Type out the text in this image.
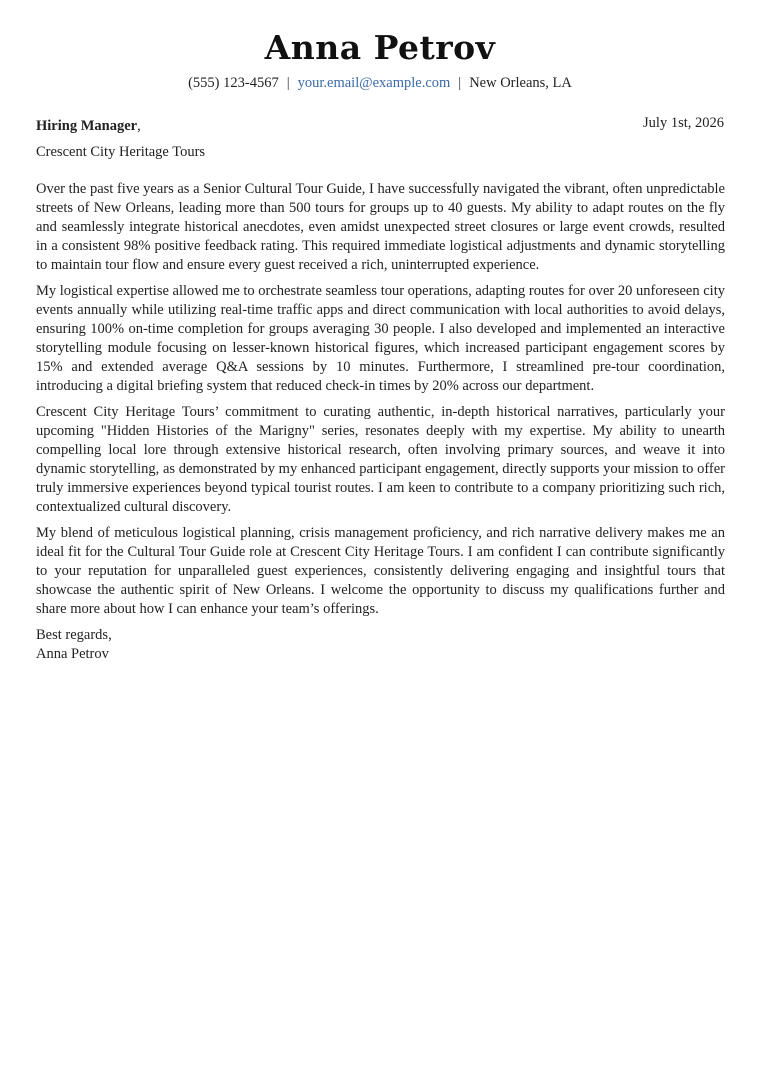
Anna Petrov
(555) 123-4567 | your.email@example.com | New Orleans, LA
Hiring Manager,
Crescent City Heritage Tours
July 1st, 2026

Over the past five years as a Senior Cultural Tour Guide, I have successfully navigated the vibrant, often unpredictable streets of New Orleans, leading more than 500 tours for groups up to 40 guests. My ability to adapt routes on the fly and seamlessly integrate historical anecdotes, even amidst unexpected street closures or large event crowds, resulted in a consistent 98% positive feedback rating. This required immediate logistical adjustments and dynamic storytelling to maintain tour flow and ensure every guest received a rich, uninterrupted experience.

My logistical expertise allowed me to orchestrate seamless tour operations, adapting routes for over 20 unforeseen city events annually while utilizing real-time traffic apps and direct communication with local authorities to avoid delays, ensuring 100% on-time completion for groups averaging 30 people. I also developed and implemented an interactive storytelling module focusing on lesser-known historical figures, which increased participant engagement scores by 15% and extended average Q&A sessions by 10 minutes. Furthermore, I streamlined pre-tour coordination, introducing a digital briefing system that reduced check-in times by 20% across our department.

Crescent City Heritage Tours’ commitment to curating authentic, in-depth historical narratives, particularly your upcoming "Hidden Histories of the Marigny" series, resonates deeply with my expertise. My ability to unearth compelling local lore through extensive historical research, often involving primary sources, and weave it into dynamic storytelling, as demonstrated by my enhanced participant engagement, directly supports your mission to offer truly immersive experiences beyond typical tourist routes. I am keen to contribute to a company prioritizing such rich, contextualized cultural discovery.

My blend of meticulous logistical planning, crisis management proficiency, and rich narrative delivery makes me an ideal fit for the Cultural Tour Guide role at Crescent City Heritage Tours. I am confident I can contribute significantly to your reputation for unparalleled guest experiences, consistently delivering engaging and insightful tours that showcase the authentic spirit of New Orleans. I welcome the opportunity to discuss my qualifications further and share more about how I can enhance your team’s offerings.

Best regards,
Anna Petrov
